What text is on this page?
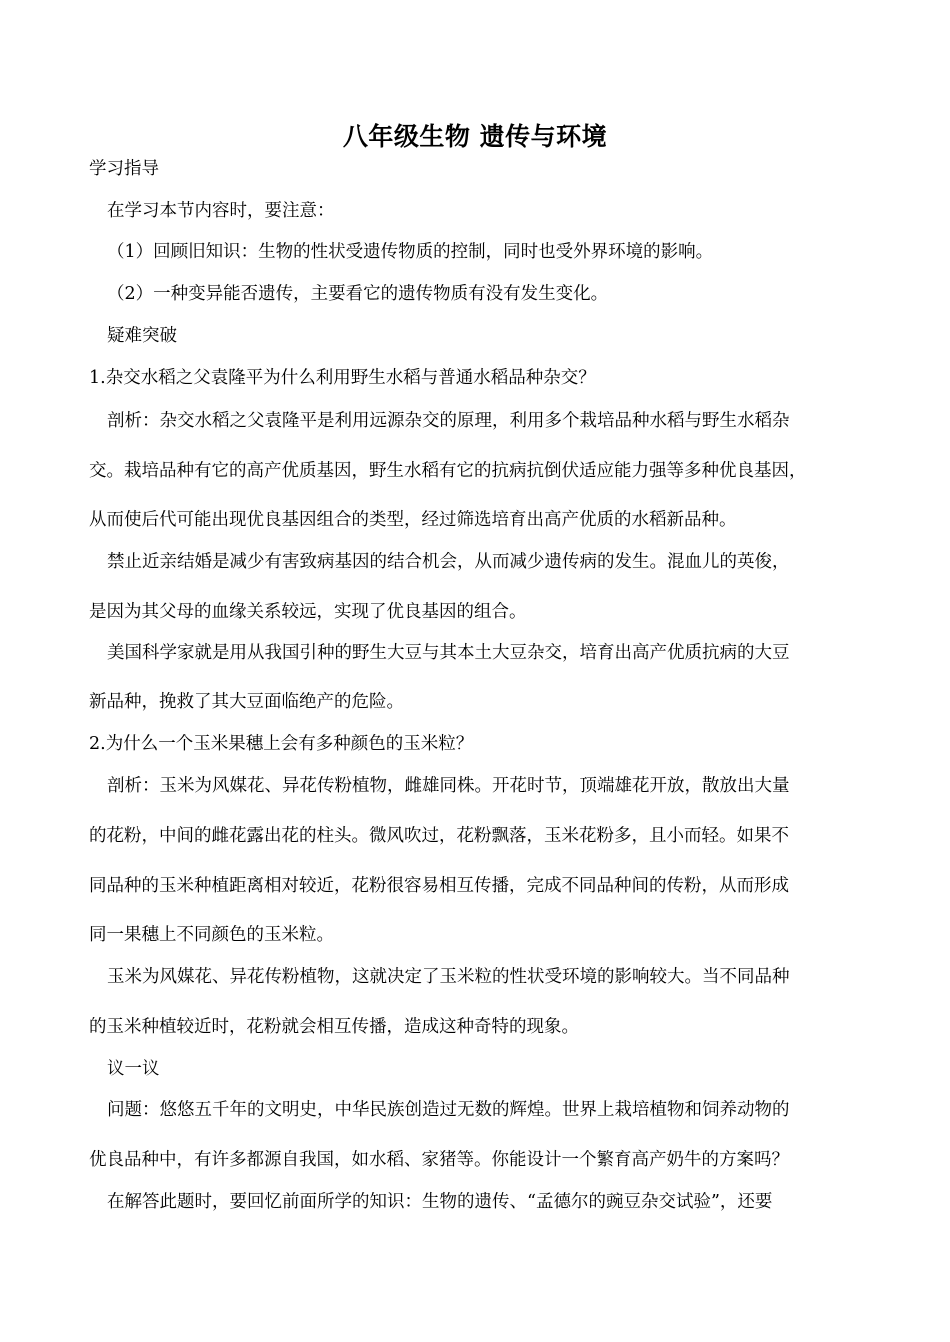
八年级生物 遗传与环境
学习指导
在学习本节内容时，要注意：
（1）回顾旧知识：生物的性状受遗传物质的控制，同时也受外界环境的影响。
（2）一种变异能否遗传，主要看它的遗传物质有没有发生变化。
疑难突破
1.杂交水稻之父袁隆平为什么利用野生水稻与普通水稻品种杂交？
剖析：杂交水稻之父袁隆平是利用远源杂交的原理，利用多个栽培品种水稻与野生水稻杂
交。栽培品种有它的高产优质基因，野生水稻有它的抗病抗倒伏适应能力强等多种优良基因，
从而使后代可能出现优良基因组合的类型，经过筛选培育出高产优质的水稻新品种。
禁止近亲结婚是减少有害致病基因的结合机会，从而减少遗传病的发生。混血儿的英俊，
是因为其父母的血缘关系较远，实现了优良基因的组合。
美国科学家就是用从我国引种的野生大豆与其本土大豆杂交，培育出高产优质抗病的大豆
新品种，挽救了其大豆面临绝产的危险。
2.为什么一个玉米果穗上会有多种颜色的玉米粒？
剖析：玉米为风媒花、异花传粉植物，雌雄同株。开花时节，顶端雄花开放，散放出大量
的花粉，中间的雌花露出花的柱头。微风吹过，花粉飘落，玉米花粉多，且小而轻。如果不
同品种的玉米种植距离相对较近，花粉很容易相互传播，完成不同品种间的传粉，从而形成
同一果穗上不同颜色的玉米粒。
玉米为风媒花、异花传粉植物，这就决定了玉米粒的性状受环境的影响较大。当不同品种
的玉米种植较近时，花粉就会相互传播，造成这种奇特的现象。
议一议
问题：悠悠五千年的文明史，中华民族创造过无数的辉煌。世界上栽培植物和饲养动物的
优良品种中，有许多都源自我国，如水稻、家猪等。你能设计一个繁育高产奶牛的方案吗？
在解答此题时，要回忆前面所学的知识：生物的遗传、“孟德尔的豌豆杂交试验”，还要
